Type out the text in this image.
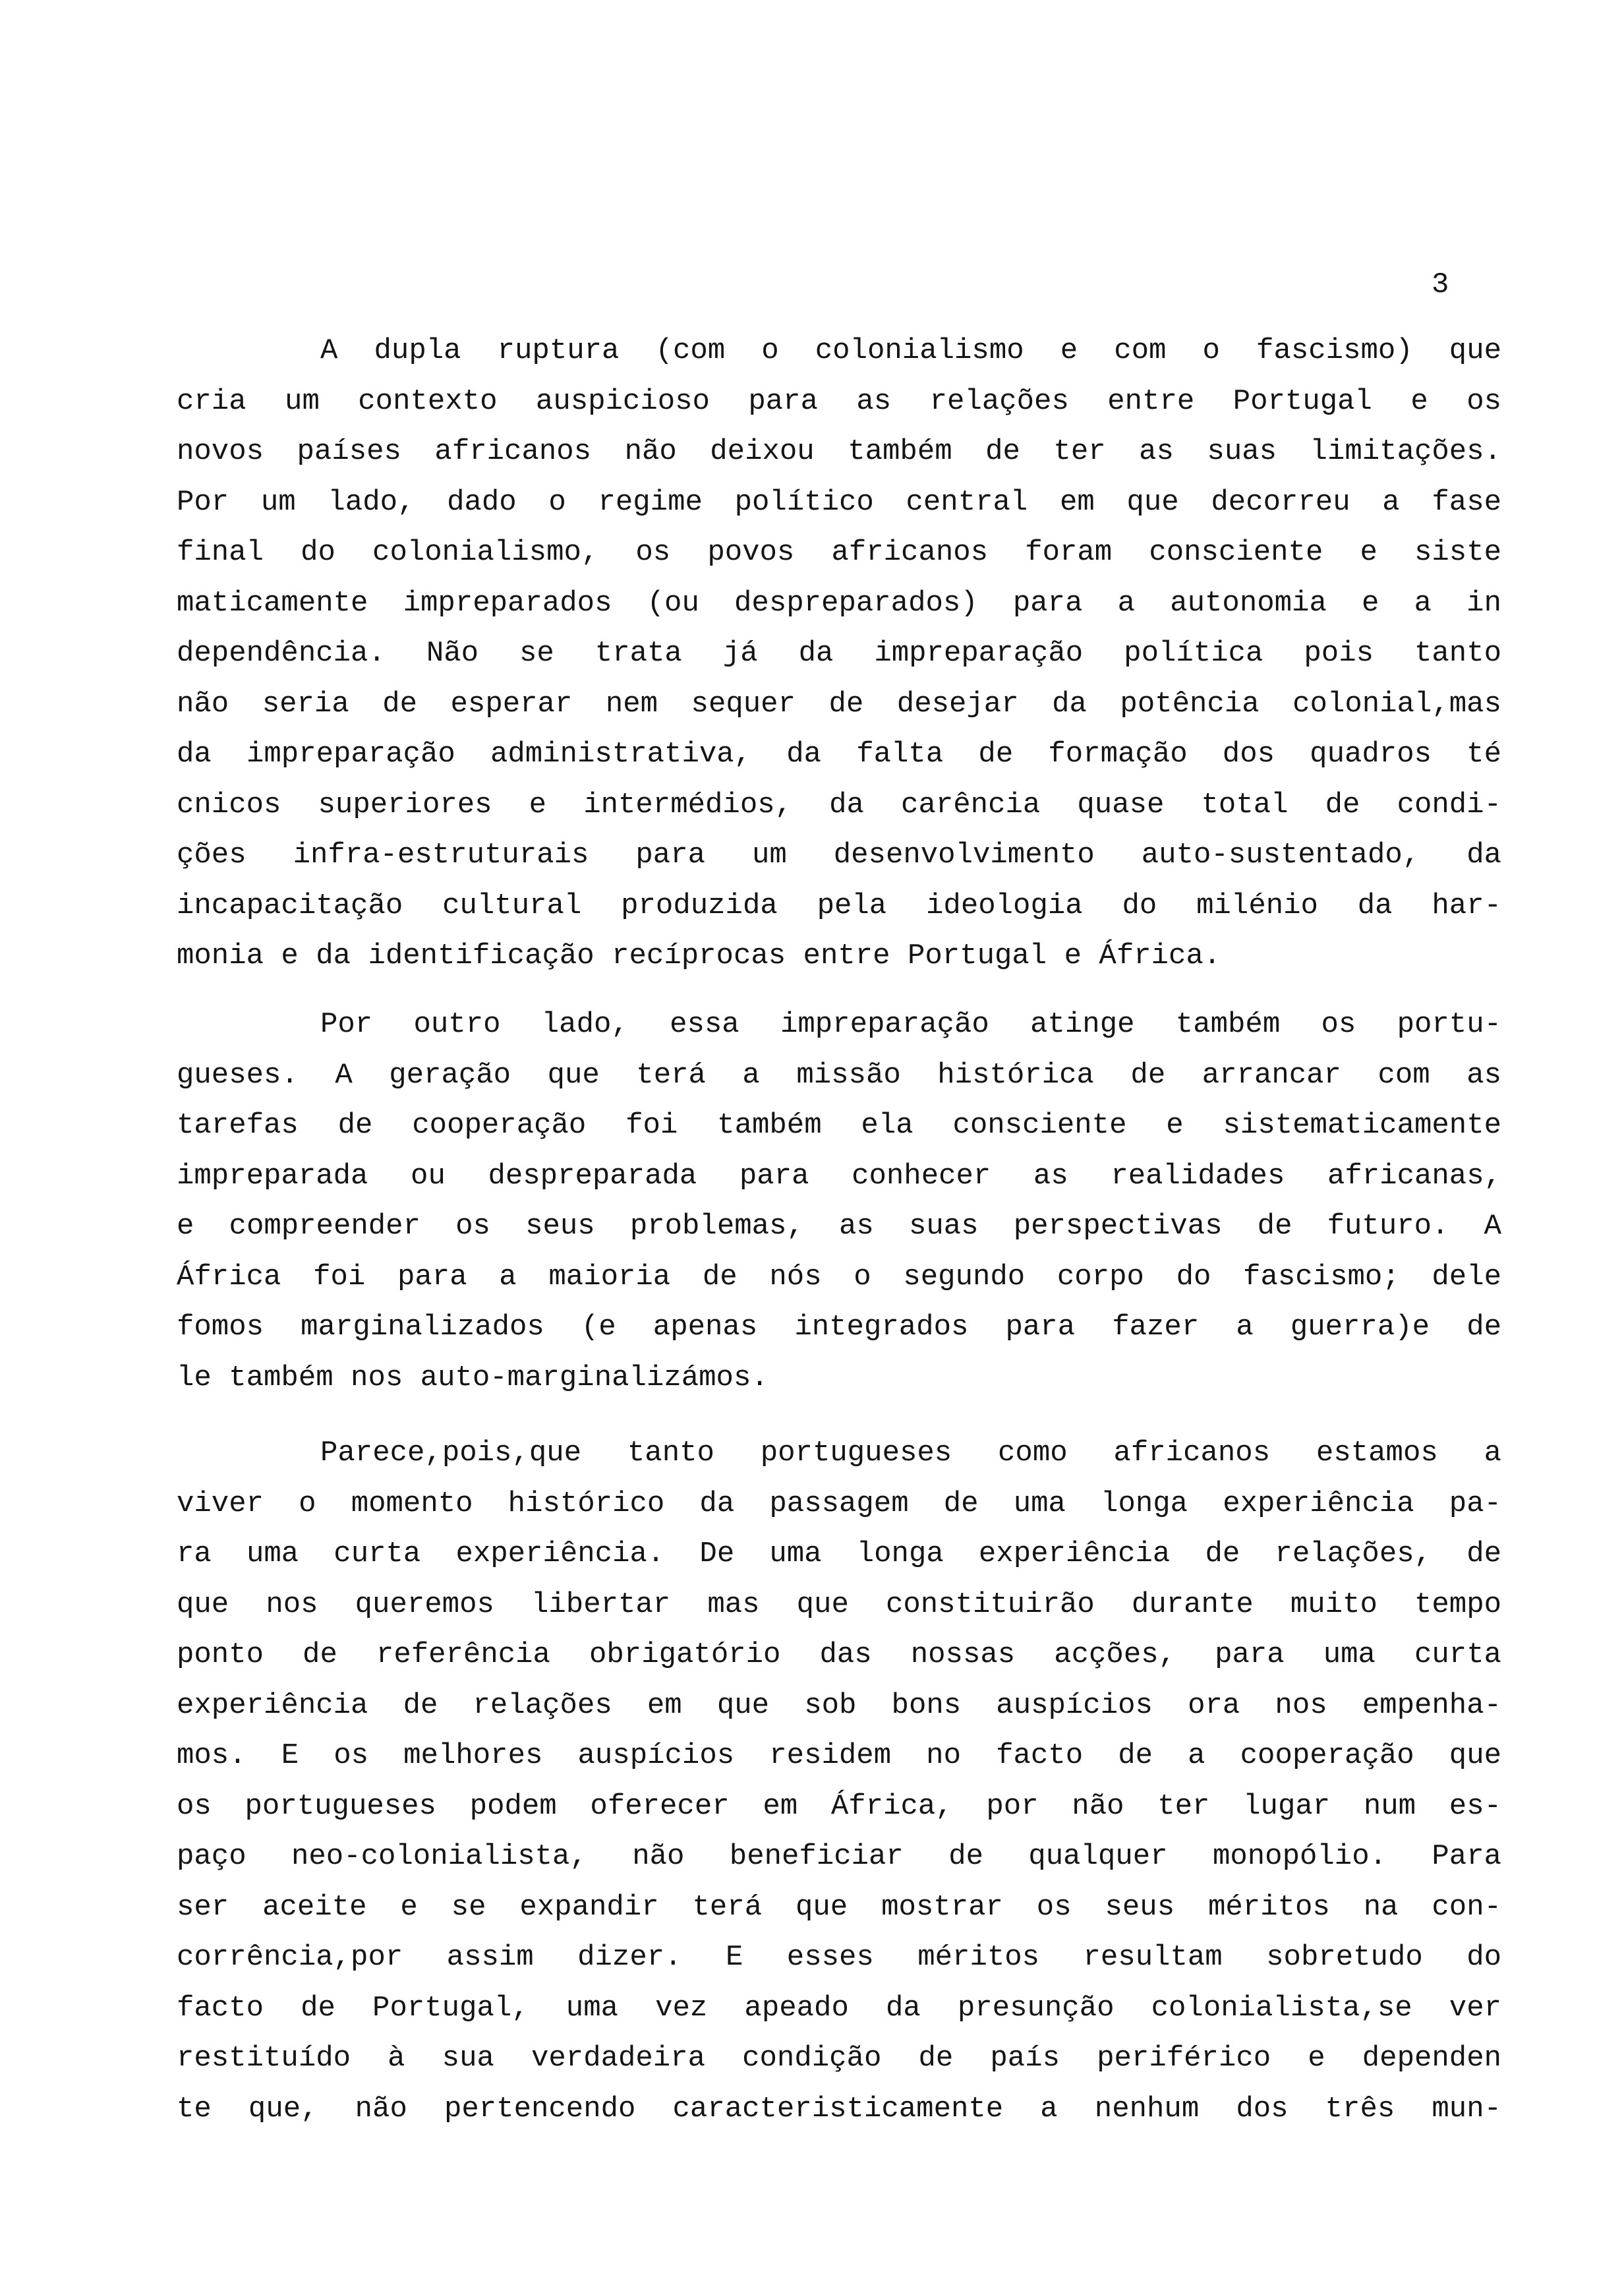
3
A dupla ruptura (com o colonialismo e com o fascismo) que
cria um contexto auspicioso para as relações entre Portugal e os
novos países africanos não deixou também de ter as suas limitações.
Por um lado, dado o regime político central em que decorreu a fase
final do colonialismo, os povos africanos foram consciente e siste
maticamente impreparados (ou despreparados) para a autonomia e a in
dependência. Não se trata já da impreparação política pois tanto
não seria de esperar nem sequer de desejar da potência colonial,mas
da impreparação administrativa, da falta de formação dos quadros té
cnicos superiores e intermédios, da carência quase total de condi-
ções infra-estruturais para um desenvolvimento auto-sustentado, da
incapacitação cultural produzida pela ideologia do milénio da har-
monia e da identificação recíprocas entre Portugal e África.
Por outro lado, essa impreparação atinge também os portu-
gueses. A geração que terá a missão histórica de arrancar com as
tarefas de cooperação foi também ela consciente e sistematicamente
impreparada ou despreparada para conhecer as realidades africanas,
e compreender os seus problemas, as suas perspectivas de futuro. A
África foi para a maioria de nós o segundo corpo do fascismo; dele
fomos marginalizados (e apenas integrados para fazer a guerra)e de
le também nos auto-marginalizámos.
Parece,pois,que tanto portugueses como africanos estamos a
viver o momento histórico da passagem de uma longa experiência pa-
ra uma curta experiência. De uma longa experiência de relações, de
que nos queremos libertar mas que constituirão durante muito tempo
ponto de referência obrigatório das nossas acções, para uma curta
experiência de relações em que sob bons auspícios ora nos empenha-
mos. E os melhores auspícios residem no facto de a cooperação que
os portugueses podem oferecer em África, por não ter lugar num es-
paço neo-colonialista, não beneficiar de qualquer monopólio. Para
ser aceite e se expandir terá que mostrar os seus méritos na con-
corrência,por assim dizer. E esses méritos resultam sobretudo do
facto de Portugal, uma vez apeado da presunção colonialista,se ver
restituído à sua verdadeira condição de país periférico e dependen
te que, não pertencendo caracteristicamente a nenhum dos três mun-
